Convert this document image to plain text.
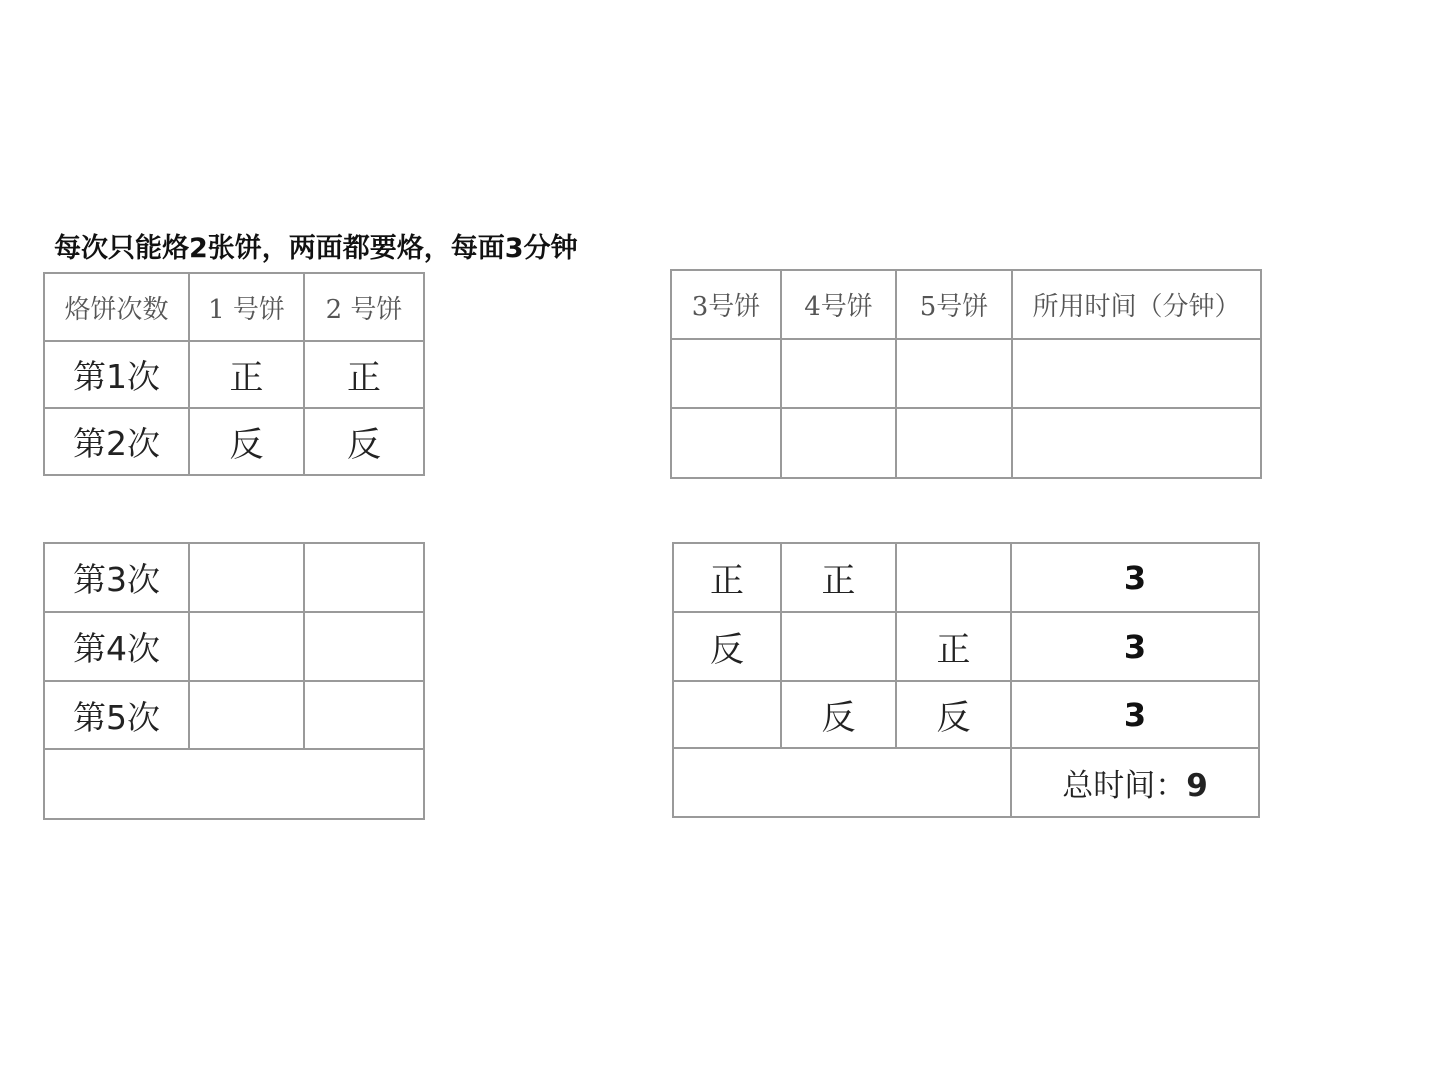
每次只能烙2张饼，两面都要烙，每面3分钟
烙饼次数	1 号饼	2 号饼
第1次	正	正
第2次	反	反
3号饼	4号饼	5号饼	所用时间（分钟）

第3次		
第4次		
第5次		

正	正		3
反		正	3
	反	反	3
			总时间：9
